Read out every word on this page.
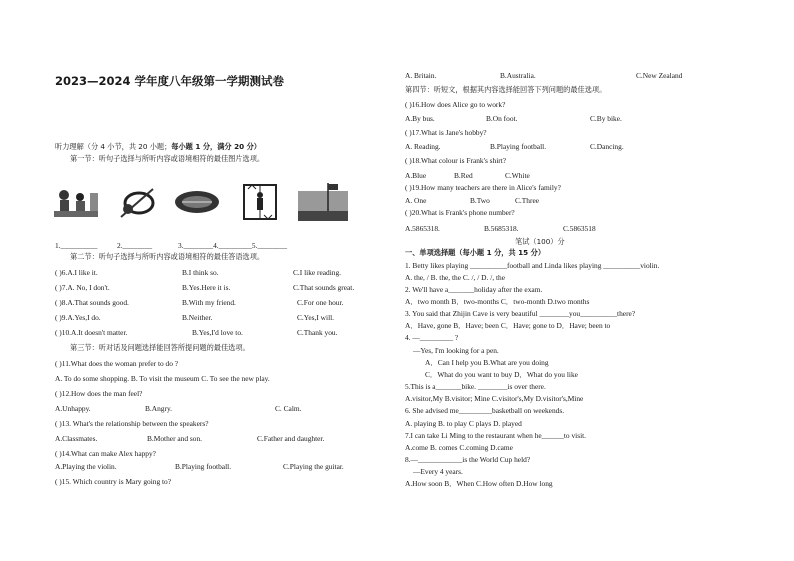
2023—2024 学年度八年级第一学期测试卷
听力理解（分 4 小节，共 20 小题；每小题 1 分，满分 20 分）
第一节：听句子选择与所听内容或语境相符的最佳图片选项。
1.__________	2.________	3.________4._________5.________
第二节：听句子选择与所听内容或语境相符的最佳答语选项。
( )6.A.I like it.	B.I think so.	C.I like reading.
( )7.A. No, I don't.	B.Yes.Here it is.	C.That sounds great.
( )8.A.That sounds good.	B.With my friend.	C.For one hour.
( )9.A.Yes,I do.	B.Neither.	C.Yes,I will.
( )10.A.It doesn't matter.	B.Yes,I'd love to.	C.Thank you.
第三节：听对话及问题选择能回答所提问题的最佳选项。
( )11.What does the woman prefer to do ?
A. To do some shopping. B. To visit the museum C. To see the new play.
( )12.How does the man feel?
A.Unhappy.	B.Angry.	C. Calm.
( )13. What's the relationship between the speakers?
A.Classmates.	B.Mother and son.	C.Father and daughter.
( )14.What can make Alex happy?
A.Playing the violin.	B.Playing football.	C.Playing the guitar.
( )15. Which country is Mary going to?
A. Britain.	B.Australia.	C.New Zealand
第四节：听短文，根据其内容选择能回答下列问题的最佳选项。
( )16.How does Alice go to work?
A.By bus.	B.On foot.	C.By bike.
( )17.What is Jane's hobby?
A. Reading.	B.Playing football.	C.Dancing.
( )18.What colour is Frank's shirt?
A.Blue	B.Red	C.White
( )19.How many teachers are there in Alice's family?
A. One	B.Two	C.Three
( )20.What is Frank's phone number?
A.5865318.	B.5685318.	C.5863518
笔试（100）分
一、单项选择题（每小题 1 分，共 15 分）
1. Betty likes playing __________football and Linda likes playing __________violin.
A. the, / B. the, the C. /, / D. /, the
2. We'll have a_______holiday after the exam.
A．two month B．two-months C．two-month D.two months
3. You said that Zhijin Cave is very beautiful ________you__________there?
A．Have, gone B．Have; been C．Have; gone to D．Have; been to
4. —_________ ?
—Yes, I'm looking for a pen.
A．Can I help you B.What are you doing
C．What do you want to buy D．What do you like
5.This is a_______bike. ________is over there.
A.visitor,My B.visitor; Mine C.visitor's,My D.visitor's,Mine
6. She advised me_________basketball on weekends.
A. playing B. to play C plays D. played
7.I can take Li Ming to the restaurant when he______to visit.
A.come B. comes C.coming D.came
8.—____________is the World Cup held?
—Every 4 years.
A.How soon B．When C.How often D.How long
